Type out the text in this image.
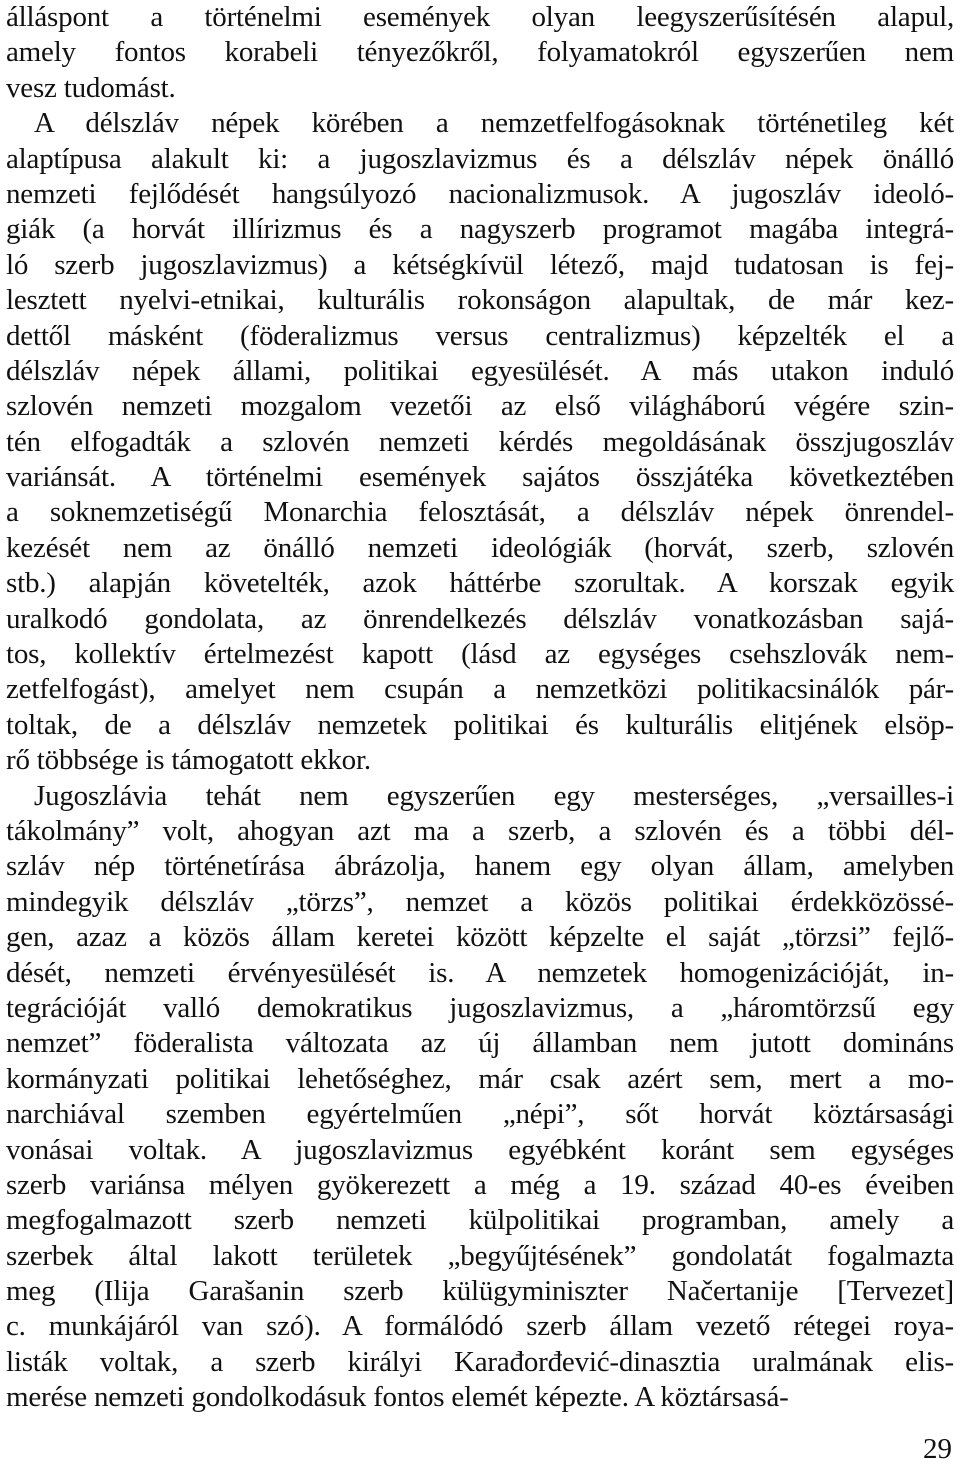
álláspont a történelmi események olyan leegyszerűsítésén alapul,
amely fontos korabeli tényezőkről, folyamatokról egyszerűen nem
vesz tudomást.
A délszláv népek körében a nemzetfelfogásoknak történetileg két
alaptípusa alakult ki: a jugoszlavizmus és a délszláv népek önálló
nemzeti fejlődését hangsúlyozó nacionalizmusok. A jugoszláv ideoló-
giák (a horvát illírizmus és a nagyszerb programot magába integrá-
ló szerb jugoszlavizmus) a kétségkívül létező, majd tudatosan is fej-
lesztett nyelvi-etnikai, kulturális rokonságon alapultak, de már kez-
dettől másként (föderalizmus versus centralizmus) képzelték el a
délszláv népek állami, politikai egyesülését. A más utakon induló
szlovén nemzeti mozgalom vezetői az első világháború végére szin-
tén elfogadták a szlovén nemzeti kérdés megoldásának összjugoszláv
variánsát. A történelmi események sajátos összjátéka következtében
a soknemzetiségű Monarchia felosztását, a délszláv népek önrendel-
kezését nem az önálló nemzeti ideológiák (horvát, szerb, szlovén
stb.) alapján követelték, azok háttérbe szorultak. A korszak egyik
uralkodó gondolata, az önrendelkezés délszláv vonatkozásban sajá-
tos, kollektív értelmezést kapott (lásd az egységes csehszlovák nem-
zetfelfogást), amelyet nem csupán a nemzetközi politikacsinálók pár-
toltak, de a délszláv nemzetek politikai és kulturális elitjének elsöp-
rő többsége is támogatott ekkor.
Jugoszlávia tehát nem egyszerűen egy mesterséges, „versailles-i
tákolmány” volt, ahogyan azt ma a szerb, a szlovén és a többi dél-
szláv nép történetírása ábrázolja, hanem egy olyan állam, amelyben
mindegyik délszláv „törzs”, nemzet a közös politikai érdekközössé-
gen, azaz a közös állam keretei között képzelte el saját „törzsi” fejlő-
dését, nemzeti érvényesülését is. A nemzetek homogenizációját, in-
tegrációját valló demokratikus jugoszlavizmus, a „háromtörzsű egy
nemzet” föderalista változata az új államban nem jutott domináns
kormányzati politikai lehetőséghez, már csak azért sem, mert a mo-
narchiával szemben egyértelműen „népi”, sőt horvát köztársasági
vonásai voltak. A jugoszlavizmus egyébként koránt sem egységes
szerb variánsa mélyen gyökerezett a még a 19. század 40-es éveiben
megfogalmazott szerb nemzeti külpolitikai programban, amely a
szerbek által lakott területek „begyűjtésének” gondolatát fogalmazta
meg (Ilija Garašanin szerb külügyminiszter Načertanije [Tervezet]
c. munkájáról van szó). A formálódó szerb állam vezető rétegei roya-
listák voltak, a szerb királyi Karađorđević-dinasztia uralmának elis-
merése nemzeti gondolkodásuk fontos elemét képezte. A köztársasá-
29
